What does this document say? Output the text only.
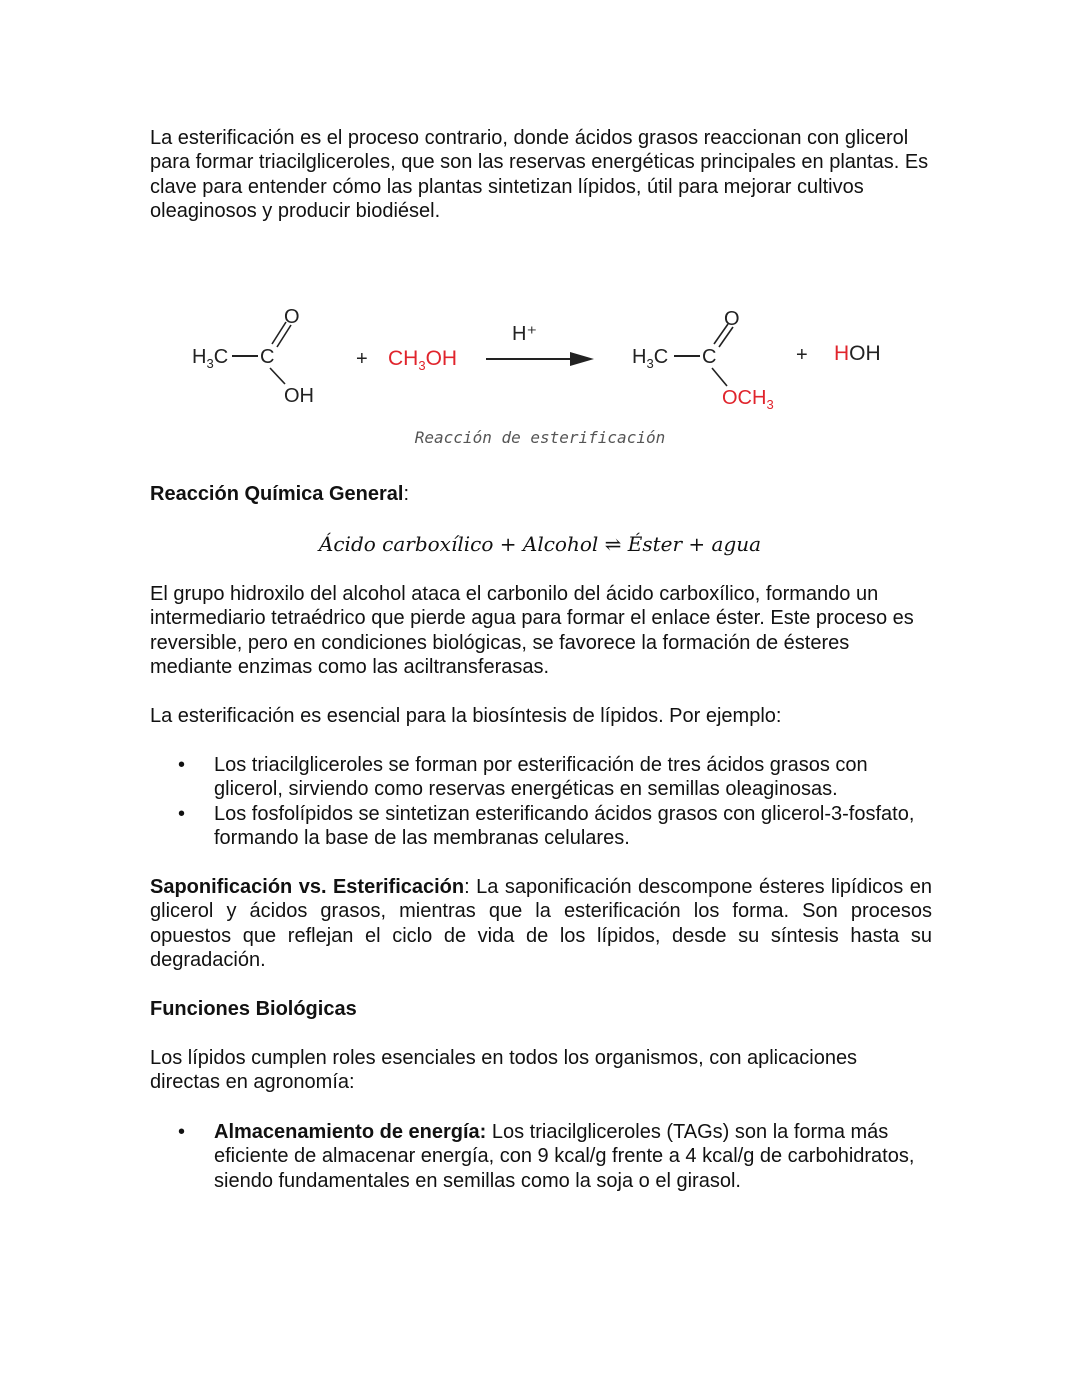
La esterificación es el proceso contrario, donde ácidos grasos reaccionan con glicerol para formar triacilgliceroles, que son las reservas energéticas principales en plantas. Es clave para entender cómo las plantas sintetizan lípidos, útil para mejorar cultivos oleaginosos y producir biodiésel.

$H_3C$ C
O
OH
+ $CH_3OH$
H⁺
$H_3C$ C
O
$OCH_3$
+ HOH
Reacción de esterificación

Reacción Química General:

Ácido carboxílico + Alcohol ⇌ Éster + agua

El grupo hidroxilo del alcohol ataca el carbonilo del ácido carboxílico, formando un intermediario tetraédrico que pierde agua para formar el enlace éster. Este proceso es reversible, pero en condiciones biológicas, se favorece la formación de ésteres mediante enzimas como las aciltransferasas.

La esterificación es esencial para la biosíntesis de lípidos. Por ejemplo:

• Los triacilgliceroles se forman por esterificación de tres ácidos grasos con glicerol, sirviendo como reservas energéticas en semillas oleaginosas.
• Los fosfolípidos se sintetizan esterificando ácidos grasos con glicerol-3-fosfato, formando la base de las membranas celulares.

Saponificación vs. Esterificación: La saponificación descompone ésteres lipídicos en glicerol y ácidos grasos, mientras que la esterificación los forma. Son procesos opuestos que reflejan el ciclo de vida de los lípidos, desde su síntesis hasta su degradación.

Funciones Biológicas

Los lípidos cumplen roles esenciales en todos los organismos, con aplicaciones directas en agronomía:

• Almacenamiento de energía: Los triacilgliceroles (TAGs) son la forma más eficiente de almacenar energía, con 9 kcal/g frente a 4 kcal/g de carbohidratos, siendo fundamentales en semillas como la soja o el girasol.
